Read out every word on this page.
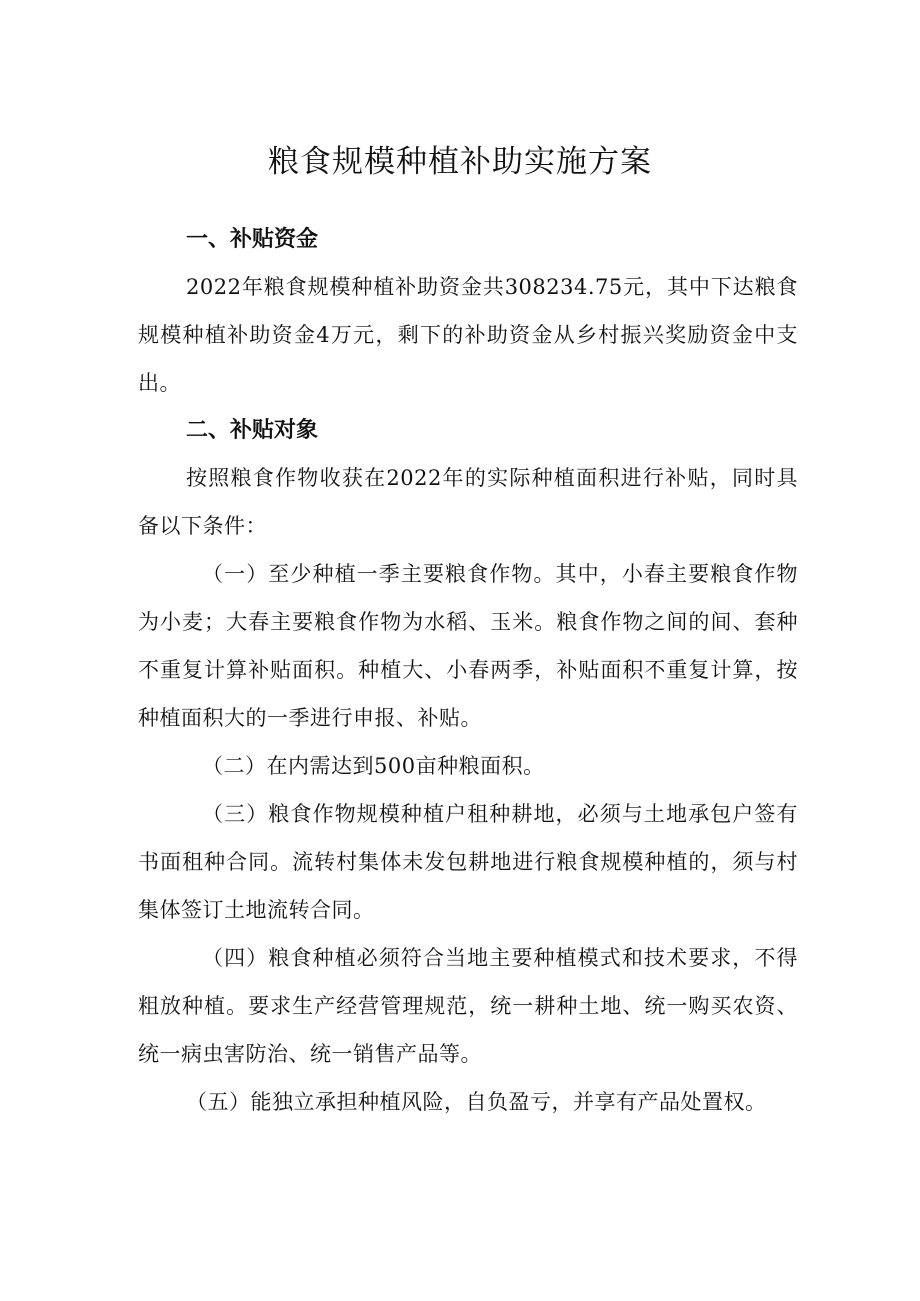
粮食规模种植补助实施方案
一、补贴资金

2022年粮食规模种植补助资金共308234.75元，其中下达粮食规模种植补助资金4万元，剩下的补助资金从乡村振兴奖励资金中支出。

二、补贴对象

按照粮食作物收获在2022年的实际种植面积进行补贴，同时具备以下条件：

（一）至少种植一季主要粮食作物。其中，小春主要粮食作物为小麦；大春主要粮食作物为水稻、玉米。粮食作物之间的间、套种不重复计算补贴面积。种植大、小春两季，补贴面积不重复计算，按种植面积大的一季进行申报、补贴。

（二）在内需达到500亩种粮面积。

（三）粮食作物规模种植户租种耕地，必须与土地承包户签有书面租种合同。流转村集体未发包耕地进行粮食规模种植的，须与村集体签订土地流转合同。

（四）粮食种植必须符合当地主要种植模式和技术要求，不得粗放种植。要求生产经营管理规范，统一耕种土地、统一购买农资、统一病虫害防治、统一销售产品等。

（五）能独立承担种植风险，自负盈亏，并享有产品处置权。
